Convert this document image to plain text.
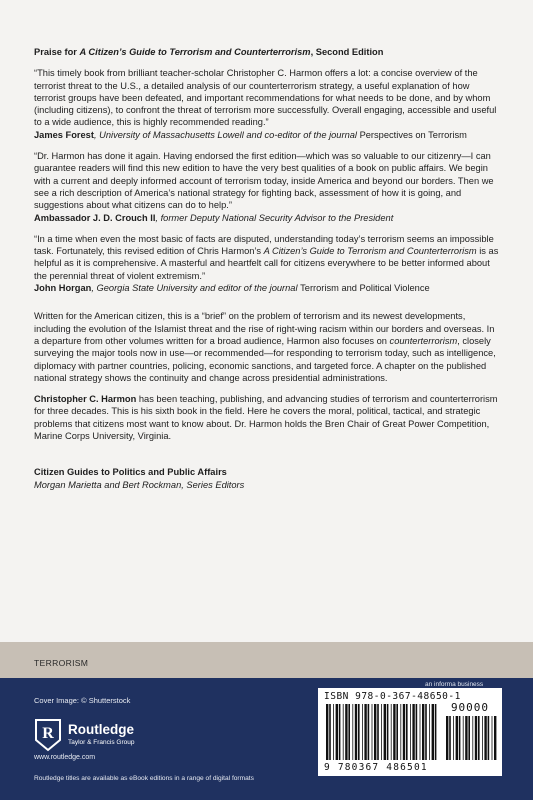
Praise for A Citizen’s Guide to Terrorism and Counterterrorism, Second Edition

“This timely book from brilliant teacher-scholar Christopher C. Harmon offers a lot: a concise overview of the terrorist threat to the U.S., a detailed analysis of our counterterrorism strategy, a useful explanation of how terrorist groups have been defeated, and important recommendations for what needs to be done, and by whom (including citizens), to confront the threat of terrorism more successfully. Overall engaging, accessible and useful to a wide audience, this is highly recommended reading.”

James Forest, University of Massachusetts Lowell and co-editor of the journal Perspectives on Terrorism

“Dr. Harmon has done it again. Having endorsed the first edition—which was so valuable to our citizenry—I can guarantee readers will find this new edition to have the very best qualities of a book on public affairs. We begin with a current and deeply informed account of terrorism today, inside America and beyond our borders. Then we see a rich description of America’s national strategy for fighting back, assessment of how it is going, and suggestions about what citizens can do to help.”

Ambassador J. D. Crouch II, former Deputy National Security Advisor to the President

“In a time when even the most basic of facts are disputed, understanding today’s terrorism seems an impossible task. Fortunately, this revised edition of Chris Harmon’s A Citizen’s Guide to Terrorism and Counterterrorism is as helpful as it is comprehensive. A masterful and heartfelt call for citizens everywhere to be better informed about the perennial threat of violent extremism.”

John Horgan, Georgia State University and editor of the journal Terrorism and Political Violence

Written for the American citizen, this is a “brief” on the problem of terrorism and its newest developments, including the evolution of the Islamist threat and the rise of right-wing racism within our borders and overseas. In a departure from other volumes written for a broad audience, Harmon also focuses on counterterrorism, closely surveying the major tools now in use—or recommended—for responding to terrorism today, such as intelligence, diplomacy with partner countries, policing, economic sanctions, and targeted force. A chapter on the published national strategy shows the continuity and change across presidential administrations.

Christopher C. Harmon has been teaching, publishing, and advancing studies of terrorism and counterterrorism for three decades. This is his sixth book in the field. Here he covers the moral, political, tactical, and strategic problems that citizens most want to know about. Dr. Harmon holds the Bren Chair of Great Power Competition, Marine Corps University, Virginia.

Citizen Guides to Politics and Public Affairs

Morgan Marietta and Bert Rockman, Series Editors

TERRORISM
an informa business
Cover Image: © Shutterstock
R Routledge
Taylor & Francis Group
www.routledge.com
Routledge titles are available as eBook editions in a range of digital formats
ISBN 978-0-367-48650-1
90000
9 780367 486501
